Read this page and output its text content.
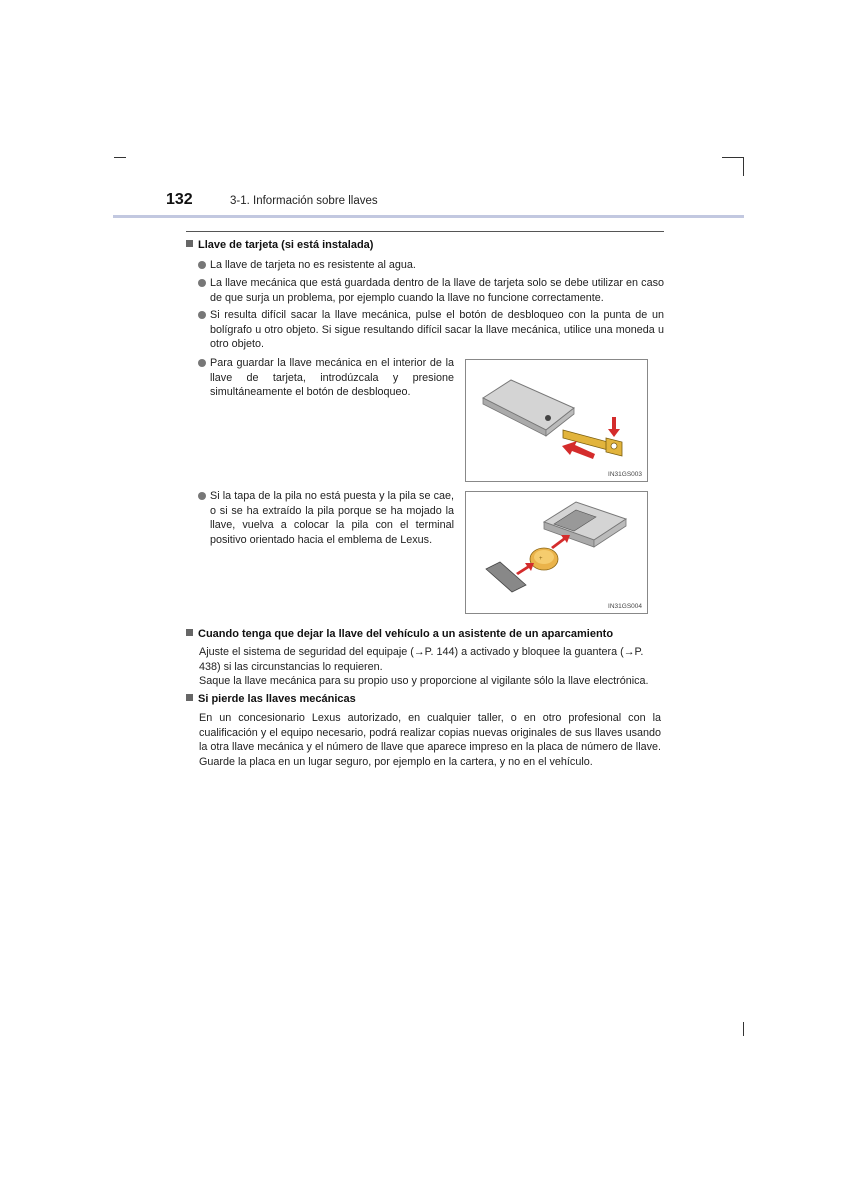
132	3-1. Información sobre llaves
Llave de tarjeta (si está instalada)
La llave de tarjeta no es resistente al agua.
La llave mecánica que está guardada dentro de la llave de tarjeta solo se debe utilizar en caso de que surja un problema, por ejemplo cuando la llave no funcione correctamente.
Si resulta difícil sacar la llave mecánica, pulse el botón de desbloqueo con la punta de un bolígrafo u otro objeto. Si sigue resultando difícil sacar la llave mecánica, utilice una moneda u otro objeto.
Para guardar la llave mecánica en el interior de la llave de tarjeta, introdúzcala y presione simultáneamente el botón de desbloqueo.
IN31GS003
Si la tapa de la pila no está puesta y la pila se cae, o si se ha extraído la pila porque se ha mojado la llave, vuelva a colocar la pila con el terminal positivo orientado hacia el emblema de Lexus.
+
IN31GS004
Cuando tenga que dejar la llave del vehículo a un asistente de un aparcamiento
Ajuste el sistema de seguridad del equipaje (→P. 144) a activado y bloquee la guantera (→P. 438) si las circunstancias lo requieren.
Saque la llave mecánica para su propio uso y proporcione al vigilante sólo la llave electrónica.
Si pierde las llaves mecánicas
En un concesionario Lexus autorizado, en cualquier taller, o en otro profesional con la cualificación y el equipo necesario, podrá realizar copias nuevas originales de sus llaves usando la otra llave mecánica y el número de llave que aparece impreso en la placa de número de llave. Guarde la placa en un lugar seguro, por ejemplo en la cartera, y no en el vehículo.
